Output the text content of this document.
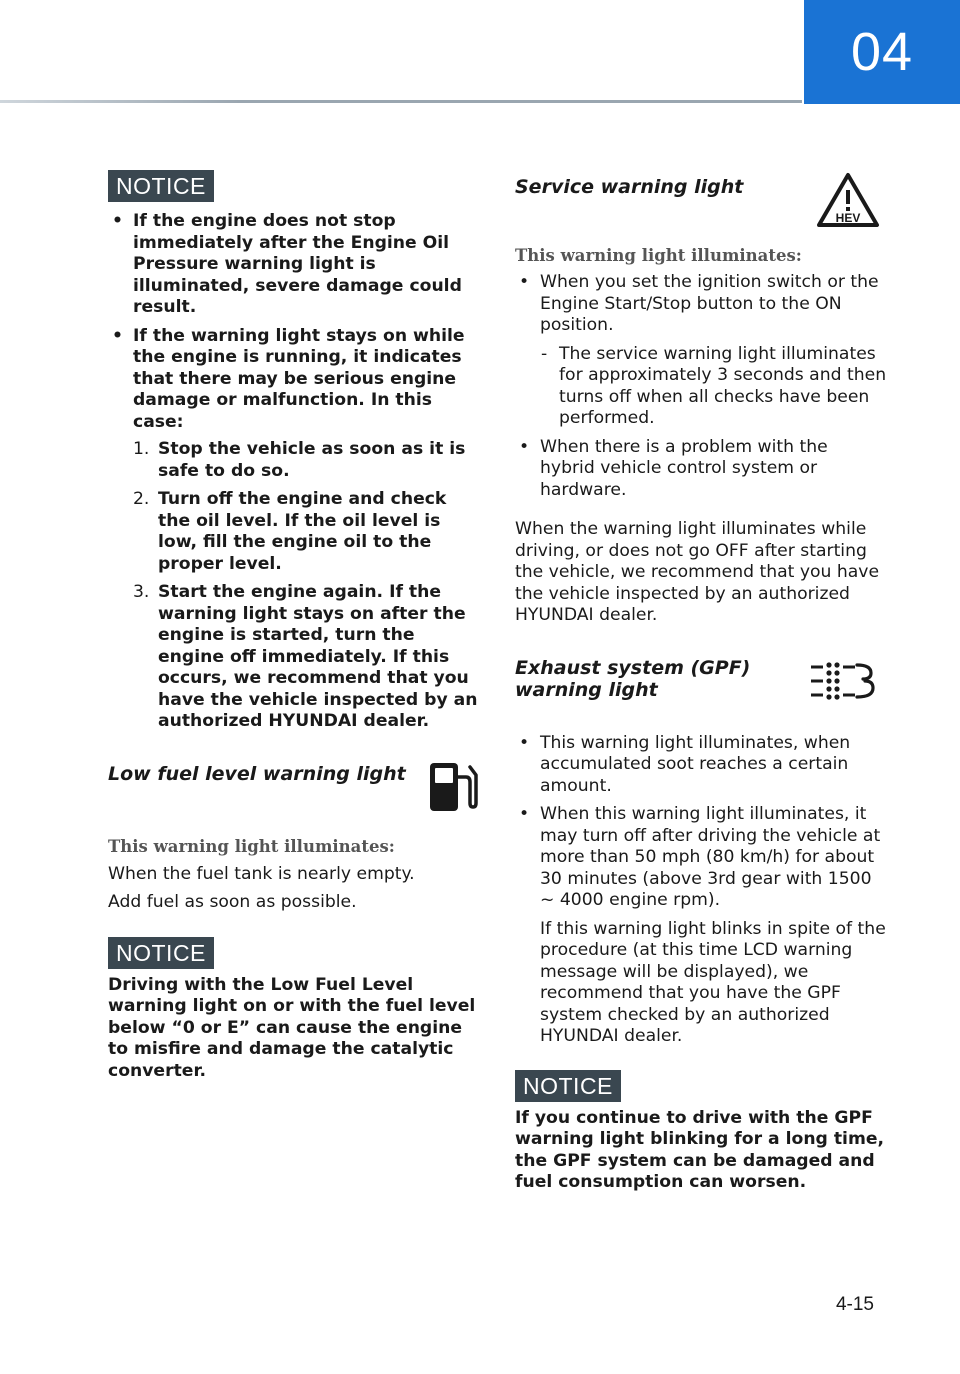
04
NOTICE
• If the engine does not stop immediately after the Engine Oil Pressure warning light is illuminated, severe damage could result.
• If the warning light stays on while the engine is running, it indicates that there may be serious engine damage or malfunction. In this case:
1. Stop the vehicle as soon as it is safe to do so.
2. Turn off the engine and check the oil level. If the oil level is low, fill the engine oil to the proper level.
3. Start the engine again. If the warning light stays on after the engine is started, turn the engine off immediately. If this occurs, we recommend that you have the vehicle inspected by an authorized HYUNDAI dealer.
Low fuel level warning light
This warning light illuminates:

When the fuel tank is nearly empty.

Add fuel as soon as possible.

NOTICE
Driving with the Low Fuel Level warning light on or with the fuel level below “0 or E” can cause the engine to misfire and damage the catalytic converter.
Service warning light
HEV
This warning light illuminates:
• When you set the ignition switch or the Engine Start/Stop button to the ON position.
- The service warning light illuminates for approximately 3 seconds and then turns off when all checks have been performed.
• When there is a problem with the hybrid vehicle control system or hardware.

When the warning light illuminates while driving, or does not go OFF after starting the vehicle, we recommend that you have the vehicle inspected by an authorized HYUNDAI dealer.

Exhaust system (GPF)
warning light
• This warning light illuminates, when accumulated soot reaches a certain amount.
• When this warning light illuminates, it may turn off after driving the vehicle at more than 50 mph (80 km/h) for about 30 minutes (above 3rd gear with 1500 ~ 4000 engine rpm).
If this warning light blinks in spite of the procedure (at this time LCD warning message will be displayed), we recommend that you have the GPF system checked by an authorized HYUNDAI dealer.
NOTICE
If you continue to drive with the GPF warning light blinking for a long time, the GPF system can be damaged and fuel consumption can worsen.
4-15
